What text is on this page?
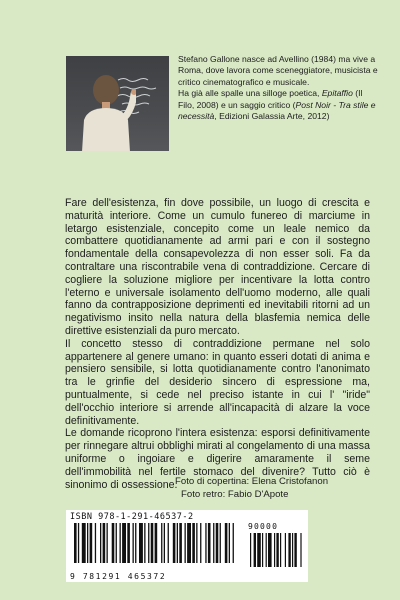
Stefano Gallone nasce ad Avellino (1984) ma vive a Roma, dove lavora come sceneggiatore, musicista e critico cinematografico e musicale.

Ha già alle spalle una silloge poetica, Epitaffio (Il Filo, 2008) e un saggio critico (Post Noir - Tra stile e necessità, Edizioni Galassia Arte, 2012)

Fare dell'esistenza, fin dove possibile, un luogo di crescita e maturità interiore. Come un cumulo funereo di marciume in letargo esistenziale, concepito come un leale nemico da combattere quotidianamente ad armi pari e con il sostegno fondamentale della consapevolezza di non esser soli. Fa da contraltare una riscontrabile vena di contraddizione. Cercare di cogliere la soluzione migliore per incentivare la lotta contro l'eterno e universale isolamento dell'uomo moderno, alle quali fanno da contrapposizione deprimenti ed inevitabili ritorni ad un negativismo insito nella natura della blasfemia nemica delle direttive esistenziali da puro mercato.

Il concetto stesso di contraddizione permane nel solo appartenere al genere umano: in quanto esseri dotati di anima e pensiero sensibile, si lotta quotidianamente contro l'anonimato tra le grinfie del desiderio sincero di espressione ma, puntualmente, si cede nel preciso istante in cui l' "iride" dell'occhio interiore si arrende all'incapacità di alzare la voce definitivamente.

Le domande ricoprono l'intera esistenza: esporsi definitivamente per rinnegare altrui obblighi mirati al congelamento di una massa uniforme o ingoiare e digerire amaramente il seme dell'immobilità nel fertile stomaco del divenire? Tutto ciò è sinonimo di ossessione.

Foto di copertina: Elena Cristofanon
Foto retro: Fabio D'Apote
ISBN 978-1-291-46537-2
90000
9 781291 465372
